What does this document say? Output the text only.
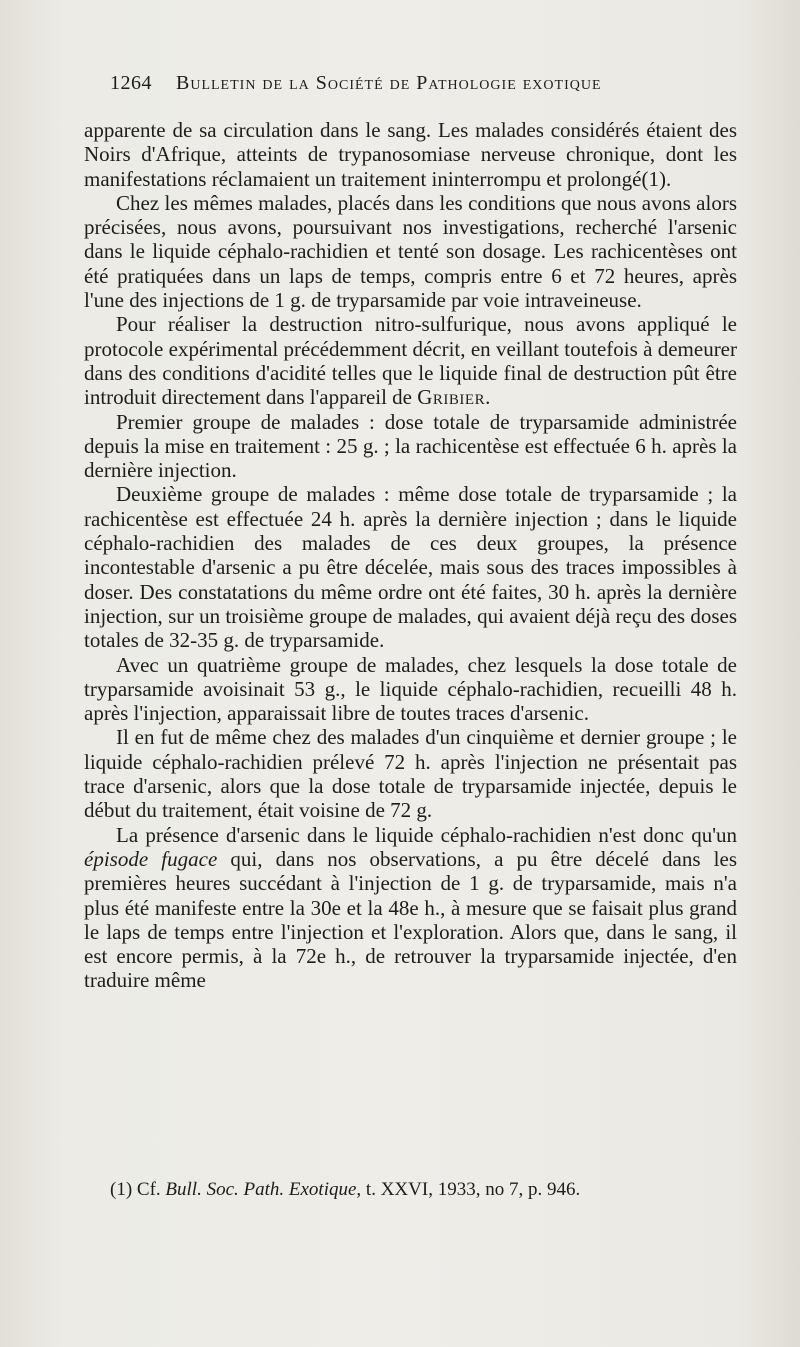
1264 Bulletin de la Société de Pathologie exotique

apparente de sa circulation dans le sang. Les malades considérés étaient des Noirs d'Afrique, atteints de trypanosomiase nerveuse chronique, dont les manifestations réclamaient un traitement ininterrompu et prolongé(1).

Chez les mêmes malades, placés dans les conditions que nous avons alors précisées, nous avons, poursuivant nos investigations, recherché l'arsenic dans le liquide céphalo-rachidien et tenté son dosage. Les rachicentèses ont été pratiquées dans un laps de temps, compris entre 6 et 72 heures, après l'une des injections de 1 g. de tryparsamide par voie intraveineuse.

Pour réaliser la destruction nitro-sulfurique, nous avons appliqué le protocole expérimental précédemment décrit, en veillant toutefois à demeurer dans des conditions d'acidité telles que le liquide final de destruction pût être introduit directement dans l'appareil de Gribier.

Premier groupe de malades : dose totale de tryparsamide administrée depuis la mise en traitement : 25 g. ; la rachicentèse est effectuée 6 h. après la dernière injection.

Deuxième groupe de malades : même dose totale de tryparsamide ; la rachicentèse est effectuée 24 h. après la dernière injection ; dans le liquide céphalo-rachidien des malades de ces deux groupes, la présence incontestable d'arsenic a pu être décelée, mais sous des traces impossibles à doser. Des constatations du même ordre ont été faites, 30 h. après la dernière injection, sur un troisième groupe de malades, qui avaient déjà reçu des doses totales de 32-35 g. de tryparsamide.

Avec un quatrième groupe de malades, chez lesquels la dose totale de tryparsamide avoisinait 53 g., le liquide céphalo-rachidien, recueilli 48 h. après l'injection, apparaissait libre de toutes traces d'arsenic.

Il en fut de même chez des malades d'un cinquième et dernier groupe ; le liquide céphalo-rachidien prélevé 72 h. après l'injection ne présentait pas trace d'arsenic, alors que la dose totale de tryparsamide injectée, depuis le début du traitement, était voisine de 72 g.

La présence d'arsenic dans le liquide céphalo-rachidien n'est donc qu'un épisode fugace qui, dans nos observations, a pu être décelé dans les premières heures succédant à l'injection de 1 g. de tryparsamide, mais n'a plus été manifeste entre la 30e et la 48e h., à mesure que se faisait plus grand le laps de temps entre l'injection et l'exploration. Alors que, dans le sang, il est encore permis, à la 72e h., de retrouver la tryparsamide injectée, d'en traduire même

(1) Cf. Bull. Soc. Path. Exotique, t. XXVI, 1933, no 7, p. 946.
